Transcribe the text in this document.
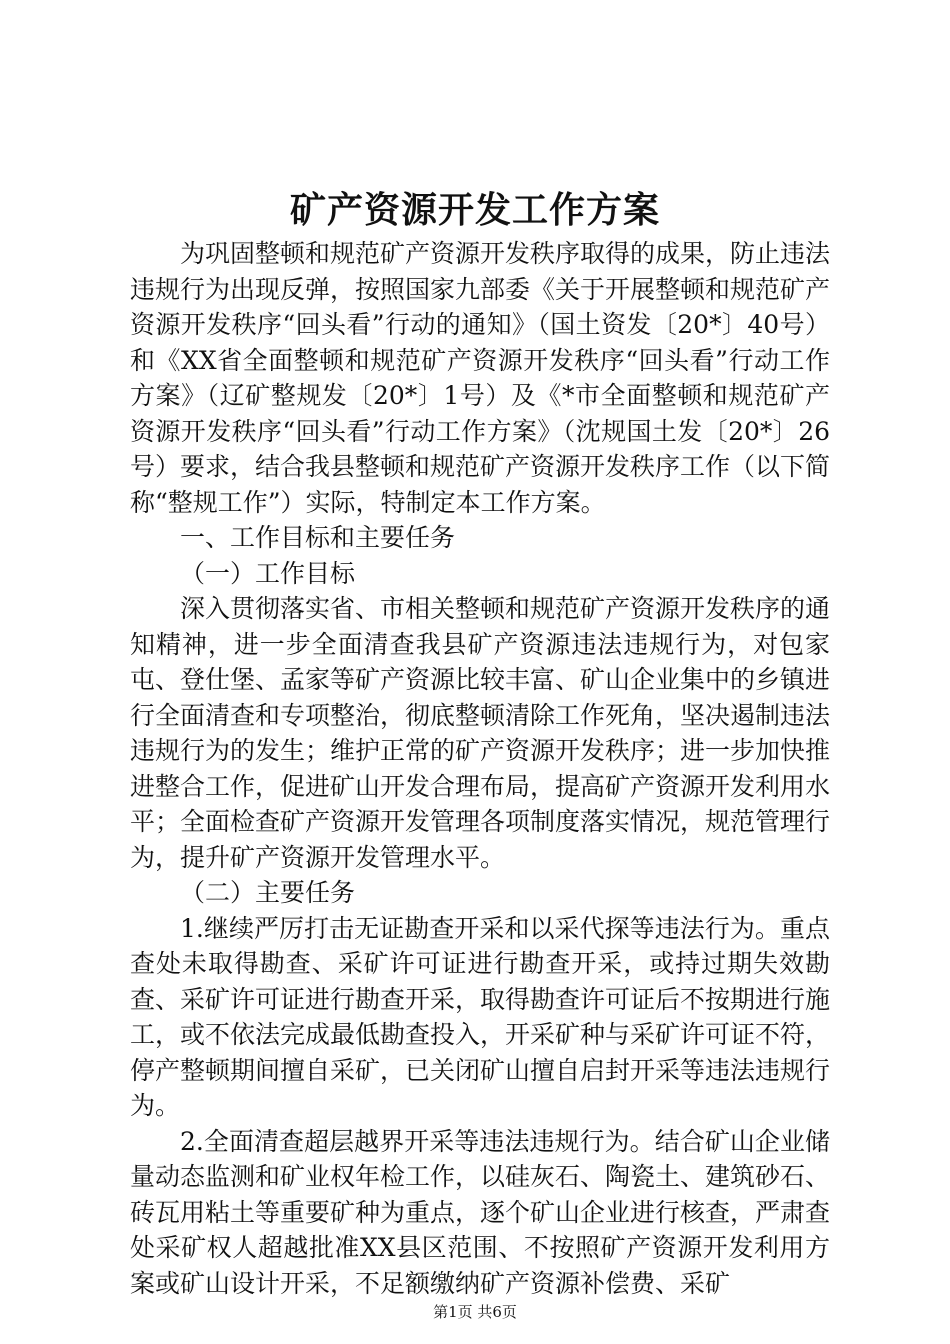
矿产资源开发工作方案

为巩固整顿和规范矿产资源开发秩序取得的成果，防止违法违规行为出现反弹，按照国家九部委《关于开展整顿和规范矿产资源开发秩序“回头看”行动的通知》（国土资发〔20*〕40号）和《XX省全面整顿和规范矿产资源开发秩序“回头看”行动工作方案》（辽矿整规发〔20*〕1号）及《*市全面整顿和规范矿产资源开发秩序“回头看”行动工作方案》（沈规国土发〔20*〕26号）要求，结合我县整顿和规范矿产资源开发秩序工作（以下简称“整规工作”）实际，特制定本工作方案。

一、工作目标和主要任务

（一）工作目标

深入贯彻落实省、市相关整顿和规范矿产资源开发秩序的通知精神，进一步全面清查我县矿产资源违法违规行为，对包家屯、登仕堡、孟家等矿产资源比较丰富、矿山企业集中的乡镇进行全面清查和专项整治，彻底整顿清除工作死角，坚决遏制违法违规行为的发生；维护正常的矿产资源开发秩序；进一步加快推进整合工作，促进矿山开发合理布局，提高矿产资源开发利用水平；全面检查矿产资源开发管理各项制度落实情况，规范管理行为，提升矿产资源开发管理水平。

（二）主要任务

1.继续严厉打击无证勘查开采和以采代探等违法行为。重点查处未取得勘查、采矿许可证进行勘查开采，或持过期失效勘查、采矿许可证进行勘查开采，取得勘查许可证后不按期进行施工，或不依法完成最低勘查投入，开采矿种与采矿许可证不符，停产整顿期间擅自采矿，已关闭矿山擅自启封开采等违法违规行为。

2.全面清查超层越界开采等违法违规行为。结合矿山企业储量动态监测和矿业权年检工作，以硅灰石、陶瓷土、建筑砂石、砖瓦用粘土等重要矿种为重点，逐个矿山企业进行核查，严肃查处采矿权人超越批准XX县区范围、不按照矿产资源开发利用方案或矿山设计开采，不足额缴纳矿产资源补偿费、采矿

第1页 共6页
